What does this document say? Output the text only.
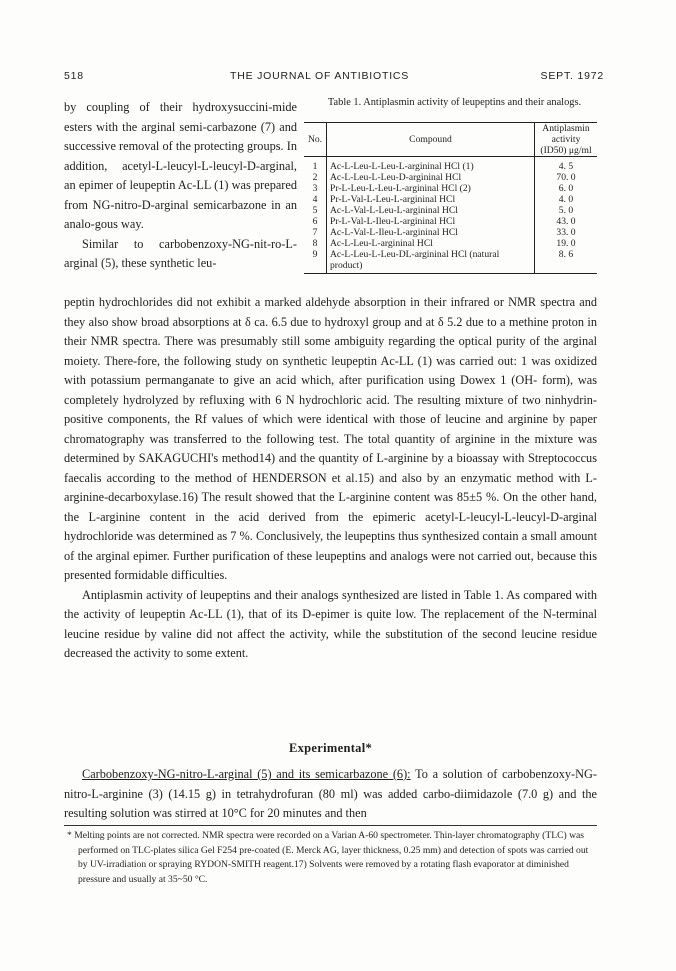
518	THE JOURNAL OF ANTIBIOTICS	SEPT. 1972

by coupling of their hydroxysuccini-mide esters with the arginal semi-carbazone (7) and successive removal of the protecting groups. In addition, acetyl-L-leucyl-L-leucyl-D-arginal, an epimer of leupeptin Ac-LL (1) was prepared from NG-nitro-D-arginal semicarbazone in an analo-gous way.

Similar to carbobenzoxy-NG-nit-ro-L-arginal (5), these synthetic leu-

Table 1. Antiplasmin activity of leupeptins and their analogs.
No.	Compound	Antiplasmin activity (ID50) μg/ml
1	Ac-L-Leu-L-Leu-L-argininal HCl (1)	4. 5
2	Ac-L-Leu-L-Leu-D-argininal HCl	70. 0
3	Pr-L-Leu-L-Leu-L-argininal HCl (2)	6. 0
4	Pr-L-Val-L-Leu-L-argininal HCl	4. 0
5	Ac-L-Val-L-Leu-L-argininal HCl	5. 0
6	Pr-L-Val-L-Ileu-L-argininal HCl	43. 0
7	Ac-L-Val-L-Ileu-L-argininal HCl	33. 0
8	Ac-L-Leu-L-argininal HCl	19. 0
9	Ac-L-Leu-L-Leu-DL-argininal HCl (natural product)	8. 6

peptin hydrochlorides did not exhibit a marked aldehyde absorption in their infrared or NMR spectra and they also show broad absorptions at δ ca. 6.5 due to hydroxyl group and at δ 5.2 due to a methine proton in their NMR spectra. There was presumably still some ambiguity regarding the optical purity of the arginal moiety. There-fore, the following study on synthetic leupeptin Ac-LL (1) was carried out: 1 was oxidized with potassium permanganate to give an acid which, after purification using Dowex 1 (OH- form), was completely hydrolyzed by refluxing with 6 N hydrochloric acid. The resulting mixture of two ninhydrin-positive components, the Rf values of which were identical with those of leucine and arginine by paper chromatography was transferred to the following test. The total quantity of arginine in the mixture was determined by SAKAGUCHI's method14) and the quantity of L-arginine by a bioassay with Streptococcus faecalis according to the method of HENDERSON et al.15) and also by an enzymatic method with L-arginine-decarboxylase.16) The result showed that the L-arginine content was 85±5 %. On the other hand, the L-arginine content in the acid derived from the epimeric acetyl-L-leucyl-L-leucyl-D-arginal hydrochloride was determined as 7 %. Conclusively, the leupeptins thus synthesized contain a small amount of the arginal epimer. Further purification of these leupeptins and analogs were not carried out, because this presented formidable difficulties.

Antiplasmin activity of leupeptins and their analogs synthesized are listed in Table 1. As compared with the activity of leupeptin Ac-LL (1), that of its D-epimer is quite low. The replacement of the N-terminal leucine residue by valine did not affect the activity, while the substitution of the second leucine residue decreased the activity to some extent.

Experimental*

Carbobenzoxy-NG-nitro-L-arginal (5) and its semicarbazone (6): To a solution of carbobenzoxy-NG-nitro-L-arginine (3) (14.15 g) in tetrahydrofuran (80 ml) was added carbo-diimidazole (7.0 g) and the resulting solution was stirred at 10°C for 20 minutes and then

* Melting points are not corrected. NMR spectra were recorded on a Varian A-60 spectrometer. Thin-layer chromatography (TLC) was performed on TLC-plates silica Gel F254 pre-coated (E. Merck AG, layer thickness, 0.25 mm) and detection of spots was carried out by UV-irradiation or spraying RYDON-SMITH reagent.17) Solvents were removed by a rotating flash evaporator at diminished pressure and usually at 35~50 °C.
